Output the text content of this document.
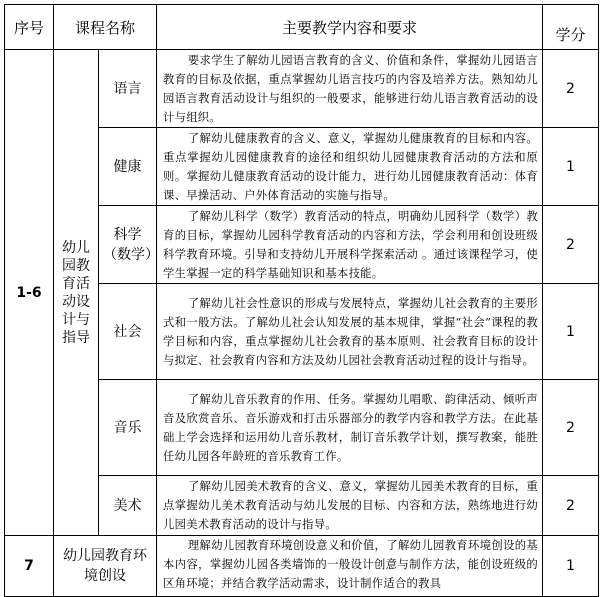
序号	课程名称		主要教学内容和要求	学分
1-6	幼儿园教育活动设计与指导	语言	要求学生了解幼儿园语言教育的含义、价值和条件，掌握幼儿园语言教育的目标及依据，重点掌握幼儿语言技巧的内容及培养方法。熟知幼儿园语言教育活动设计与组织的一般要求，能够进行幼儿语言教育活动的设计与组织。	2
		健康	了解幼儿健康教育的含义、意义，掌握幼儿健康教育的目标和内容。重点掌握幼儿园健康教育的途径和组织幼儿园健康教育活动的方法和原则。掌握幼儿健康教育活动的设计能力，进行幼儿园健康教育活动：体育课、早操活动、户外体育活动的实施与指导。	1
		科学（数学）	了解幼儿科学（数学）教育活动的特点，明确幼儿园科学（数学）教育的目标，掌握幼儿园科学教育活动的内容和方法，学会利用和创设班级科学教育环境。引导和支持幼儿开展科学探索活动 。通过该课程学习，使学生掌握一定的科学基础知识和基本技能。	2
		社会	了解幼儿社会性意识的形成与发展特点，掌握幼儿社会教育的主要形式和一般方法。了解幼儿社会认知发展的基本规律，掌握“社会”课程的教学目标和内容，重点掌握幼儿社会教育的基本原则、社会教育目标的设计与拟定、社会教育内容和方法及幼儿园社会教育活动过程的设计与指导。	1
		音乐	了解幼儿音乐教育的作用、任务。掌握幼儿唱歌、韵律活动、倾听声音及欣赏音乐、音乐游戏和打击乐器部分的教学内容和教学方法。在此基础上学会选择和运用幼儿音乐教材，制订音乐教学计划，撰写教案，能胜任幼儿园各年龄班的音乐教育工作。	2
		美术	了解幼儿园美术教育的含义、意义，掌握幼儿园美术教育的目标，重点掌握幼儿美术教育活动与幼儿发展的目标、内容和方法，熟练地进行幼儿园美术教育活动的设计与指导。	2
7	幼儿园教育环境创设		理解幼儿园教育环境创设意义和价值，了解幼儿园教育环境创设的基本内容，掌握幼儿园各类墙饰的一般设计创意与制作方法，能创设班级的区角环境；并结合教学活动需求，设计制作适合的教具	1
